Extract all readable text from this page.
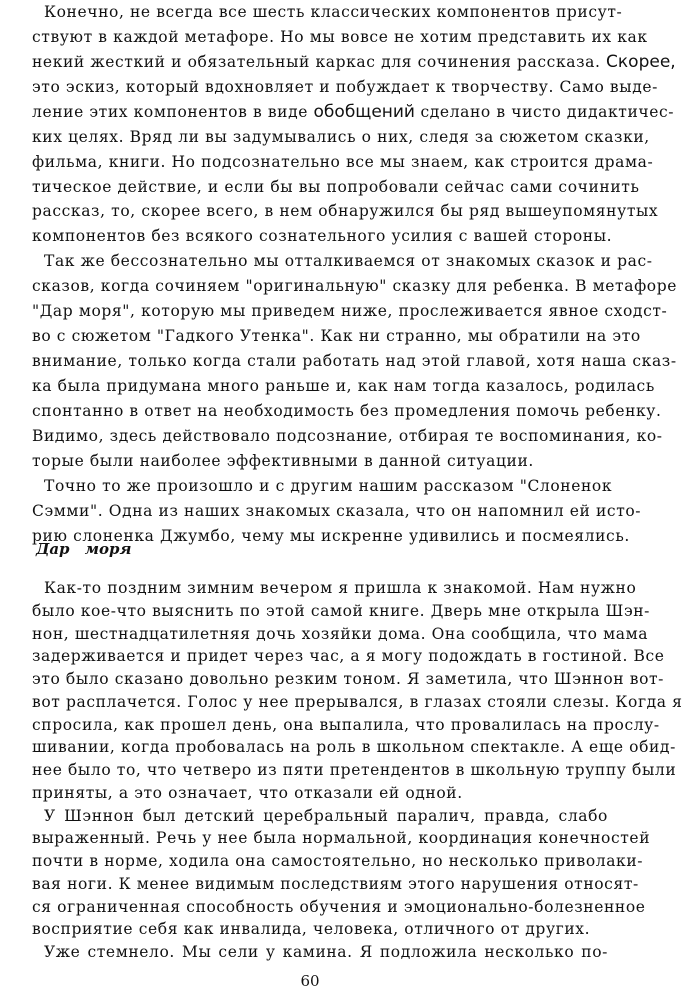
Конечно, не всегда все шесть классических компонентов присут-
ствуют в каждой метафоре. Но мы вовсе не хотим представить их как
некий жесткий и обязательный каркас для сочинения рассказа. Скорее,
это эскиз, который вдохновляет и побуждает к творчеству. Само выде-
ление этих компонентов в виде обобщений сделано в чисто дидактичес-
ких целях. Вряд ли вы задумывались о них, следя за сюжетом сказки,
фильма, книги. Но подсознательно все мы знаем, как строится драма-
тическое действие, и если бы вы попробовали сейчас сами сочинить
рассказ, то, скорее всего, в нем обнаружился бы ряд вышеупомянутых
компонентов без всякого сознательного усилия с вашей стороны.
Так же бессознательно мы отталкиваемся от знакомых сказок и рас-
сказов, когда сочиняем "оригинальную" сказку для ребенка. В метафоре
"Дар моря", которую мы приведем ниже, прослеживается явное сходст-
во с сюжетом "Гадкого Утенка". Как ни странно, мы обратили на это
внимание, только когда стали работать над этой главой, хотя наша сказ-
ка была придумана много раньше и, как нам тогда казалось, родилась
спонтанно в ответ на необходимость без промедления помочь ребенку.
Видимо, здесь действовало подсознание, отбирая те воспоминания, ко-
торые были наиболее эффективными в данной ситуации.
Точно то же произошло и с другим нашим рассказом "Слоненок
Сэмми". Одна из наших знакомых сказала, что он напомнил ей исто-
рию слоненка Джумбо, чему мы искренне удивились и посмеялись.
Дар моря
Как-то поздним зимним вечером я пришла к знакомой. Нам нужно
было кое-что выяснить по этой самой книге. Дверь мне открыла Шэн-
нон, шестнадцатилетняя дочь хозяйки дома. Она сообщила, что мама
задерживается и придет через час, а я могу подождать в гостиной. Все
это было сказано довольно резким тоном. Я заметила, что Шэннон вот-
вот расплачется. Голос у нее прерывался, в глазах стояли слезы. Когда я
спросила, как прошел день, она выпалила, что провалилась на прослу-
шивании, когда пробовалась на роль в школьном спектакле. А еще обид-
нее было то, что четверо из пяти претендентов в школьную труппу были
приняты, а это означает, что отказали ей одной.
У Шэннон был детский церебральный паралич, правда, слабо
выраженный. Речь у нее была нормальной, координация конечностей
почти в норме, ходила она самостоятельно, но несколько приволаки-
вая ноги. К менее видимым последствиям этого нарушения относят-
ся ограниченная способность обучения и эмоционально-болезненное
восприятие себя как инвалида, человека, отличного от других.
Уже стемнело. Мы сели у камина. Я подложила несколько по-
60
